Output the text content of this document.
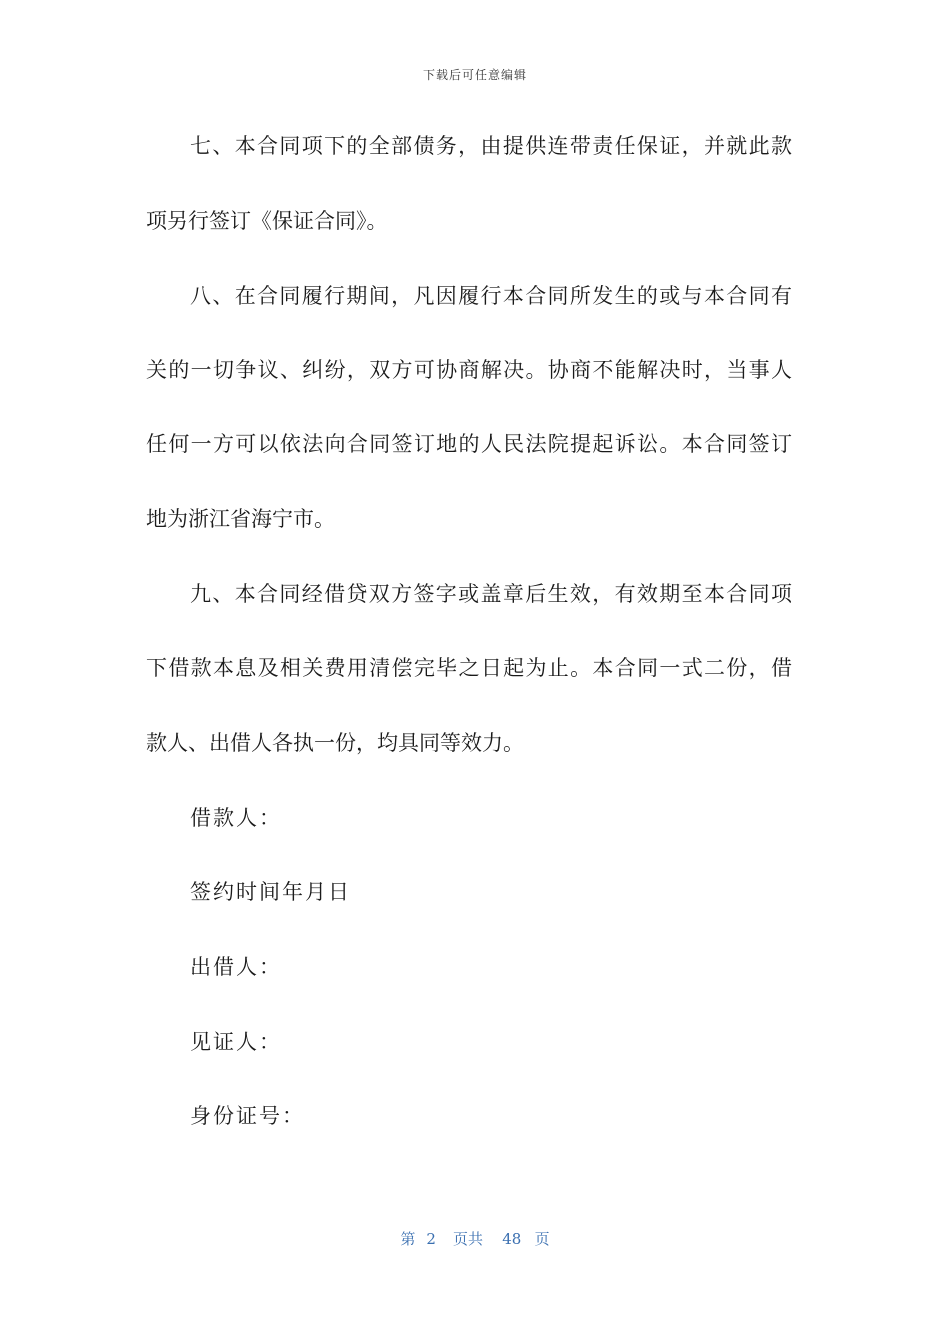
下载后可任意编辑
七、本合同项下的全部债务，由提供连带责任保证，并就此款
项另行签订《保证合同》。
八、在合同履行期间，凡因履行本合同所发生的或与本合同有
关的一切争议、纠纷，双方可协商解决。协商不能解决时，当事人
任何一方可以依法向合同签订地的人民法院提起诉讼。本合同签订
地为浙江省海宁市。
九、本合同经借贷双方签字或盖章后生效，有效期至本合同项
下借款本息及相关费用清偿完毕之日起为止。本合同一式二份，借
款人、出借人各执一份，均具同等效力。
借款人：
签约时间年月日
出借人：
见证人：
身份证号：
第 2 页共 48 页
